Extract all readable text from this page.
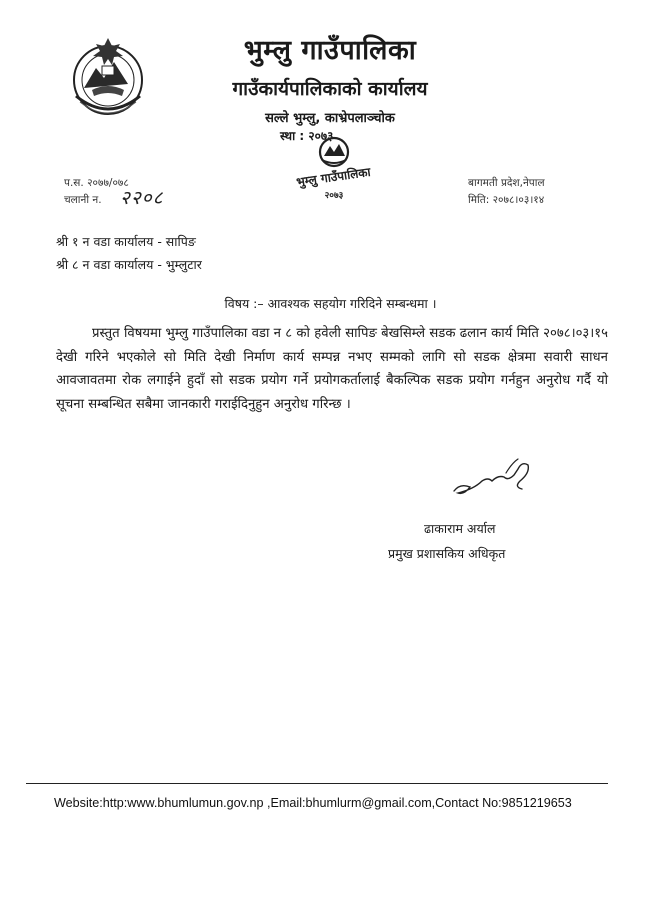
भुम्लु गाउँपालिका
गाउँकार्यपालिकाको कार्यालय
सल्ले भुम्लु, काभ्रेपलाञ्चोक
स्था : २०७३
भुम्लु गाउँपालिका
२०७३
प.स. २०७७/०७८
चलानी न. २२०८
बागमती प्रदेश,नेपाल
मिति: २०७८।०३।१४
श्री १ न वडा कार्यालय - सापिङ
श्री ८ न वडा कार्यालय - भुम्लुटार
विषय :– आवश्यक सहयोग गरिदिने सम्बन्धमा ।
प्रस्तुत विषयमा भुम्लु गाउँपालिका वडा न ८ को हवेली सापिङ बेखसिम्ले सडक ढलान कार्य मिति २०७८।०३।१५ देखी गरिने भएकोले सो मिति देखी निर्माण कार्य सम्पन्न नभए सम्मको लागि सो सडक क्षेत्रमा सवारी साधन आवजावतमा रोक लगाईने हुदाँ सो सडक प्रयोग गर्ने प्रयोगकर्तालाई बैकल्पिक सडक प्रयोग गर्नहुन अनुरोध गर्दै यो सूचना सम्बन्धित सबैमा जानकारी गराईदिनुहुन अनुरोध गरिन्छ ।
ढाकाराम अर्याल
प्रमुख प्रशासकिय अधिकृत
Website:http:www.bhumlumun.gov.np ,Email:bhumlurm@gmail.com,Contact No:9851219653
